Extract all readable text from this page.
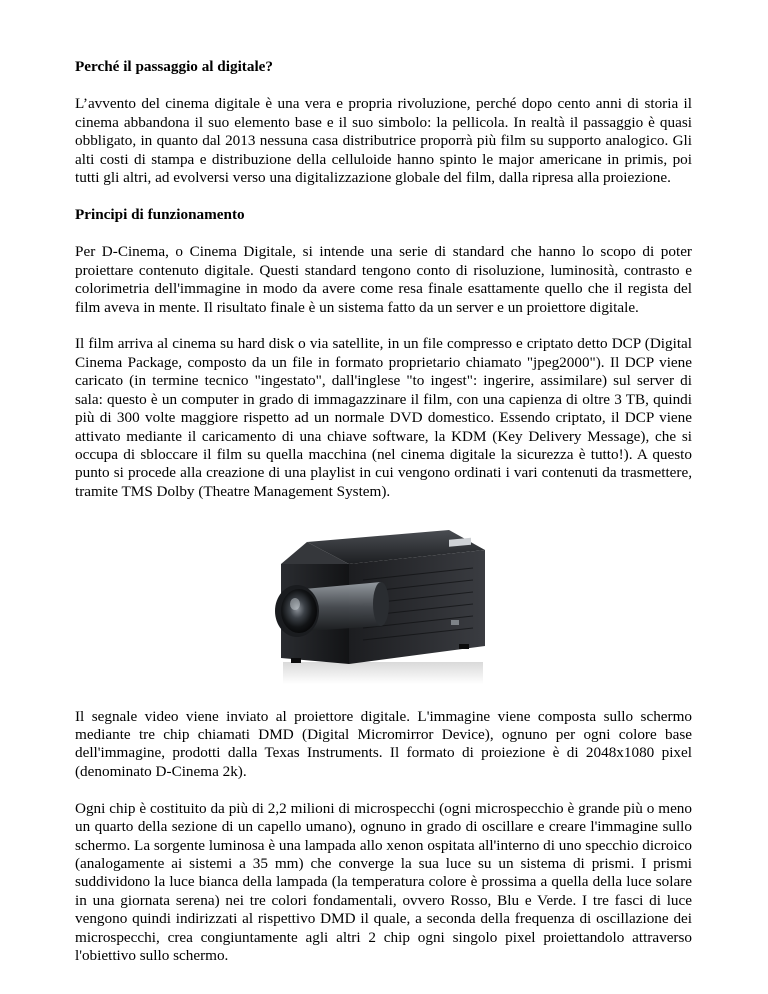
Perché il passaggio al digitale?

L’avvento del cinema digitale è una vera e propria rivoluzione, perché dopo cento anni di storia il cinema abbandona il suo elemento base e il suo simbolo: la pellicola. In realtà il passaggio è quasi obbligato, in quanto dal 2013 nessuna casa distributrice proporrà più film su supporto analogico. Gli alti costi di stampa e distribuzione della celluloide hanno spinto le major americane in primis, poi tutti gli altri, ad evolversi verso una digitalizzazione globale del film, dalla ripresa alla proiezione.

Principi di funzionamento

Per D-Cinema, o Cinema Digitale, si intende una serie di standard che hanno lo scopo di poter proiettare contenuto digitale. Questi standard tengono conto di risoluzione, luminosità, contrasto e colorimetria dell'immagine in modo da avere come resa finale esattamente quello che il regista del film aveva in mente. Il risultato finale è un sistema fatto da un server e un proiettore digitale.

Il film arriva al cinema su hard disk o via satellite, in un file compresso e criptato detto DCP (Digital Cinema Package, composto da un file in formato proprietario chiamato "jpeg2000"). Il DCP viene caricato (in termine tecnico "ingestato", dall'inglese "to ingest": ingerire, assimilare) sul server di sala: questo è un computer in grado di immagazzinare il film, con una capienza di oltre 3 TB, quindi più di 300 volte maggiore rispetto ad un normale DVD domestico. Essendo criptato, il DCP viene attivato mediante il caricamento di una chiave software, la KDM (Key Delivery Message), che si occupa di sbloccare il film su quella macchina (nel cinema digitale la sicurezza è tutto!). A questo punto si procede alla creazione di una playlist in cui vengono ordinati i vari contenuti da trasmettere, tramite TMS Dolby (Theatre Management System).

Il segnale video viene inviato al proiettore digitale. L'immagine viene composta sullo schermo mediante tre chip chiamati DMD (Digital Micromirror Device), ognuno per ogni colore base dell'immagine, prodotti dalla Texas Instruments. Il formato di proiezione è di 2048x1080 pixel (denominato D-Cinema 2k).

Ogni chip è costituito da più di 2,2 milioni di microspecchi (ogni microspecchio è grande più o meno un quarto della sezione di un capello umano), ognuno in grado di oscillare e creare l'immagine sullo schermo. La sorgente luminosa è una lampada allo xenon ospitata all'interno di uno specchio dicroico (analogamente ai sistemi a 35 mm) che converge la sua luce su un sistema di prismi. I prismi suddividono la luce bianca della lampada (la temperatura colore è prossima a quella della luce solare in una giornata serena) nei tre colori fondamentali, ovvero Rosso, Blu e Verde. I tre fasci di luce vengono quindi indirizzati al rispettivo DMD il quale, a seconda della frequenza di oscillazione dei microspecchi, crea congiuntamente agli altri 2 chip ogni singolo pixel proiettandolo attraverso l'obiettivo sullo schermo.
